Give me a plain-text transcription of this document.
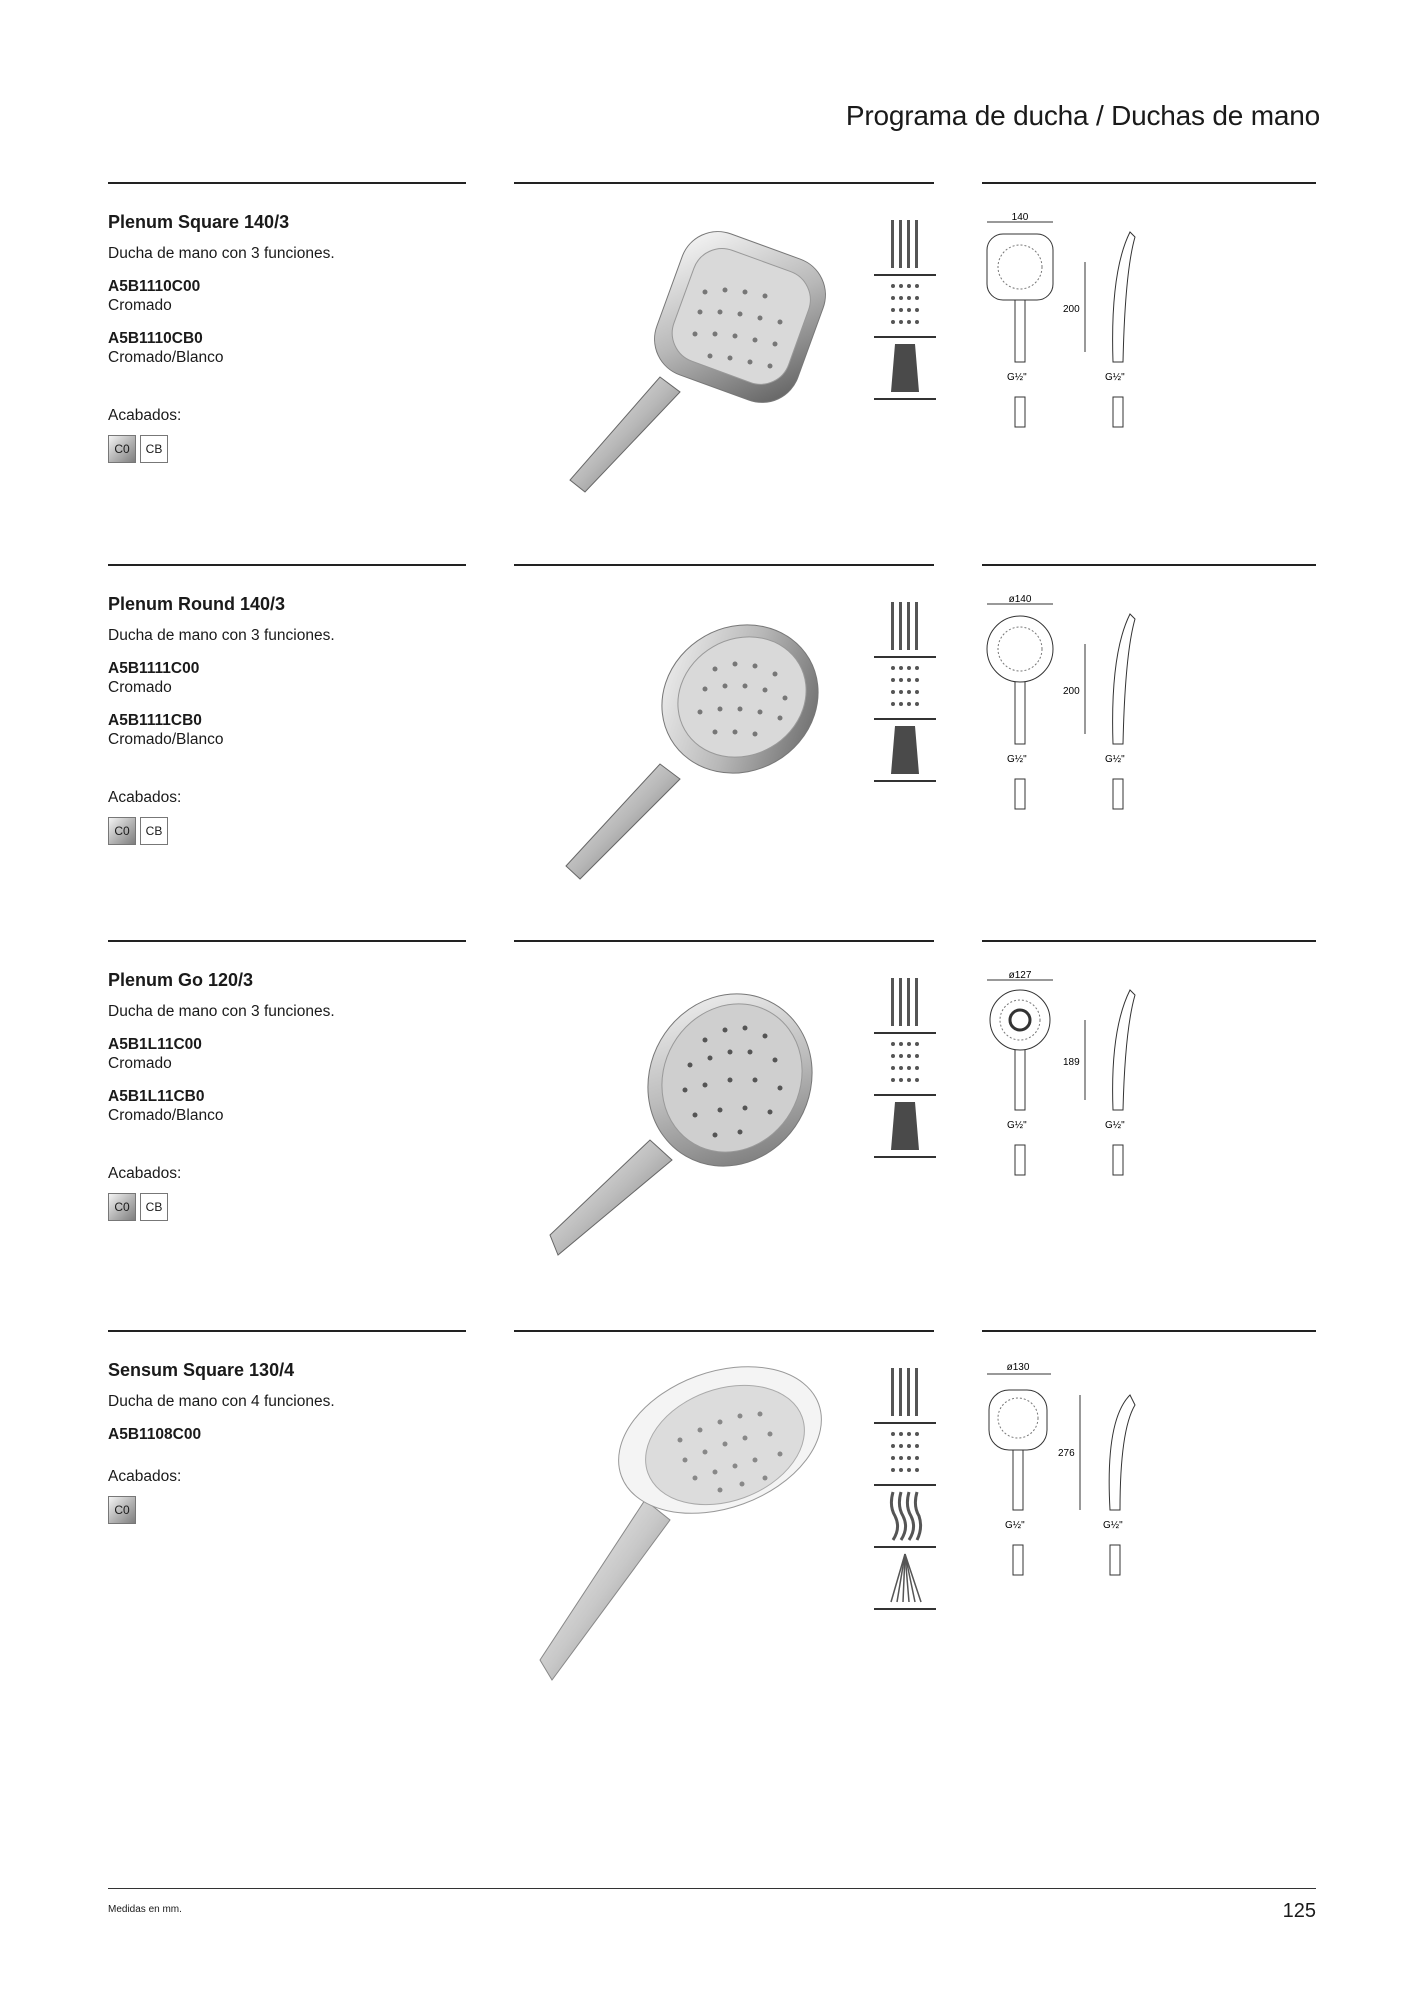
Programa de ducha / Duchas de mano

Plenum Square 140/3

Ducha de mano con 3 funciones.

A5B1110C00

Cromado

A5B1110CB0

Cromado/Blanco

Acabados:

C0	CB
140
200
G½"	G½"

Plenum Round 140/3

Ducha de mano con 3 funciones.

A5B1111C00

Cromado

A5B1111CB0

Cromado/Blanco

Acabados:

C0	CB
ø140
200
G½"	G½"

Plenum Go 120/3

Ducha de mano con 3 funciones.

A5B1L11C00

Cromado

A5B1L11CB0

Cromado/Blanco

Acabados:

C0	CB
ø127
189
G½"	G½"

Sensum Square 130/4

Ducha de mano con 4 funciones.

A5B1108C00

Acabados:

C0
ø130
276
G½"	G½"
Medidas en mm.	125
